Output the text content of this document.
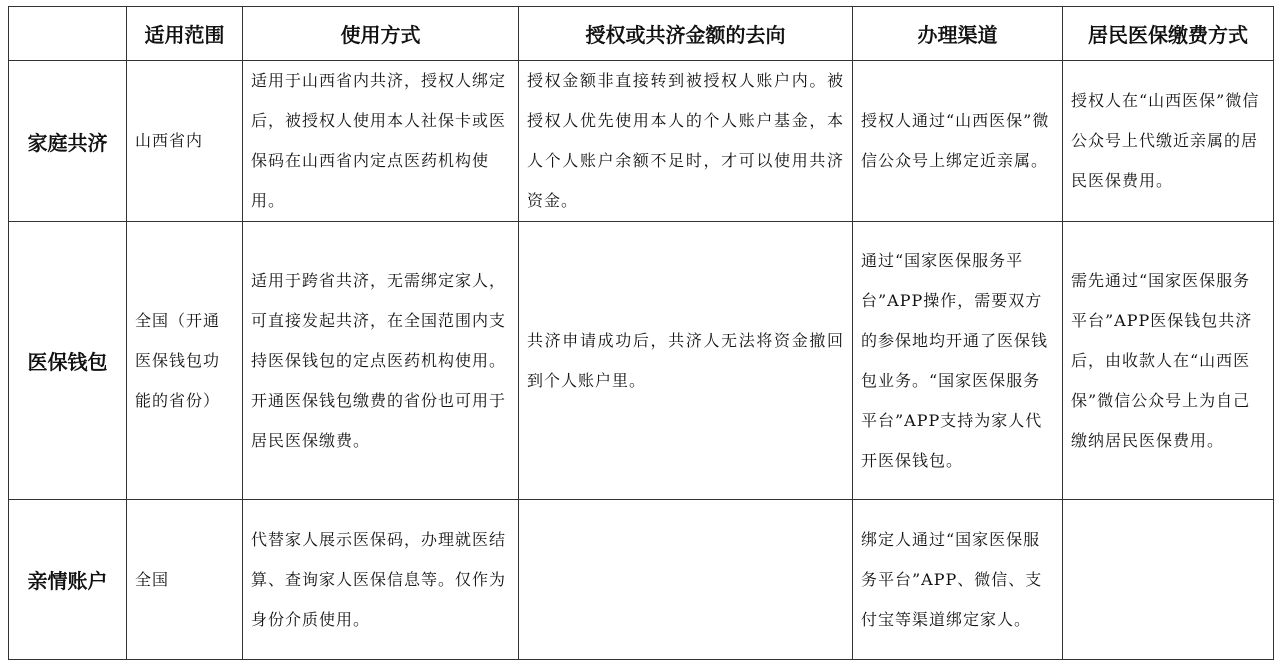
	适用范围	使用方式	授权或共济金额的去向	办理渠道	居民医保缴费方式
家庭共济	山西省内	适用于山西省内共济，授权人绑定后，被授权人使用本人社保卡或医保码在山西省内定点医药机构使用。	授权金额非直接转到被授权人账户内。被授权人优先使用本人的个人账户基金，本人个人账户余额不足时，才可以使用共济资金。	授权人通过“山西医保”微信公众号上绑定近亲属。	授权人在“山西医保”微信公众号上代缴近亲属的居民医保费用。
医保钱包	全国（开通医保钱包功能的省份）	适用于跨省共济，无需绑定家人，可直接发起共济，在全国范围内支持医保钱包的定点医药机构使用。开通医保钱包缴费的省份也可用于居民医保缴费。	共济申请成功后，共济人无法将资金撤回到个人账户里。	通过“国家医保服务平台”APP操作，需要双方的参保地均开通了医保钱包业务。“国家医保服务平台”APP支持为家人代开医保钱包。	需先通过“国家医保服务平台”APP医保钱包共济后，由收款人在“山西医保”微信公众号上为自己缴纳居民医保费用。
亲情账户	全国	代替家人展示医保码，办理就医结算、查询家人医保信息等。仅作为身份介质使用。		绑定人通过“国家医保服务平台”APP、微信、支付宝等渠道绑定家人。	
